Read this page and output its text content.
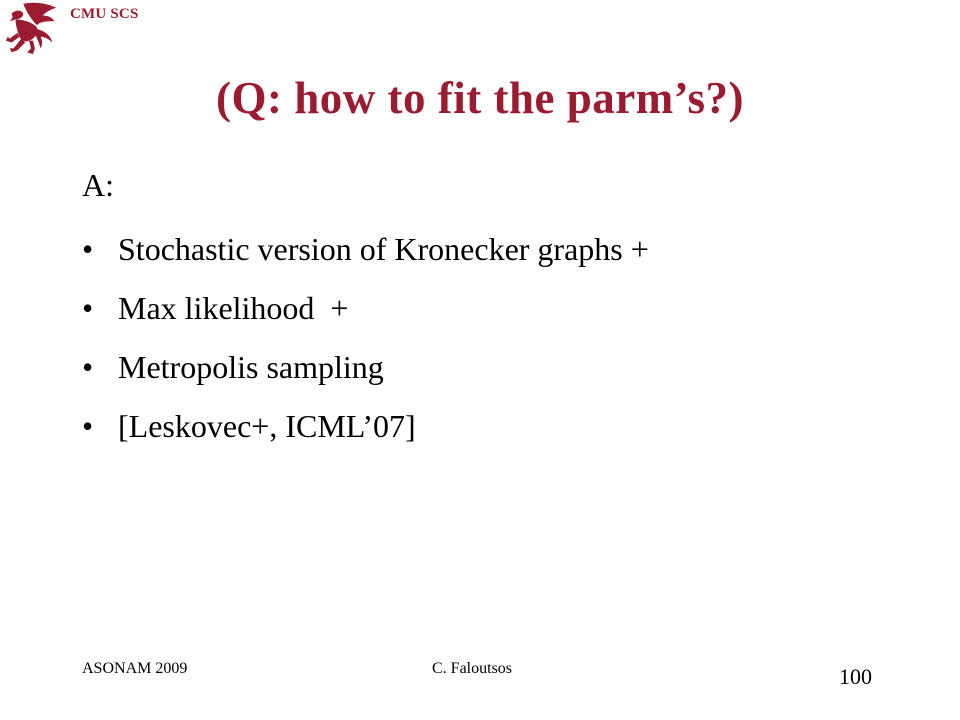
CMU SCS
(Q: how to fit the parm’s?)
A:
• Stochastic version of Kronecker graphs +
• Max likelihood  +
• Metropolis sampling
• [Leskovec+, ICML’07]
ASONAM 2009	C. Faloutsos	100
